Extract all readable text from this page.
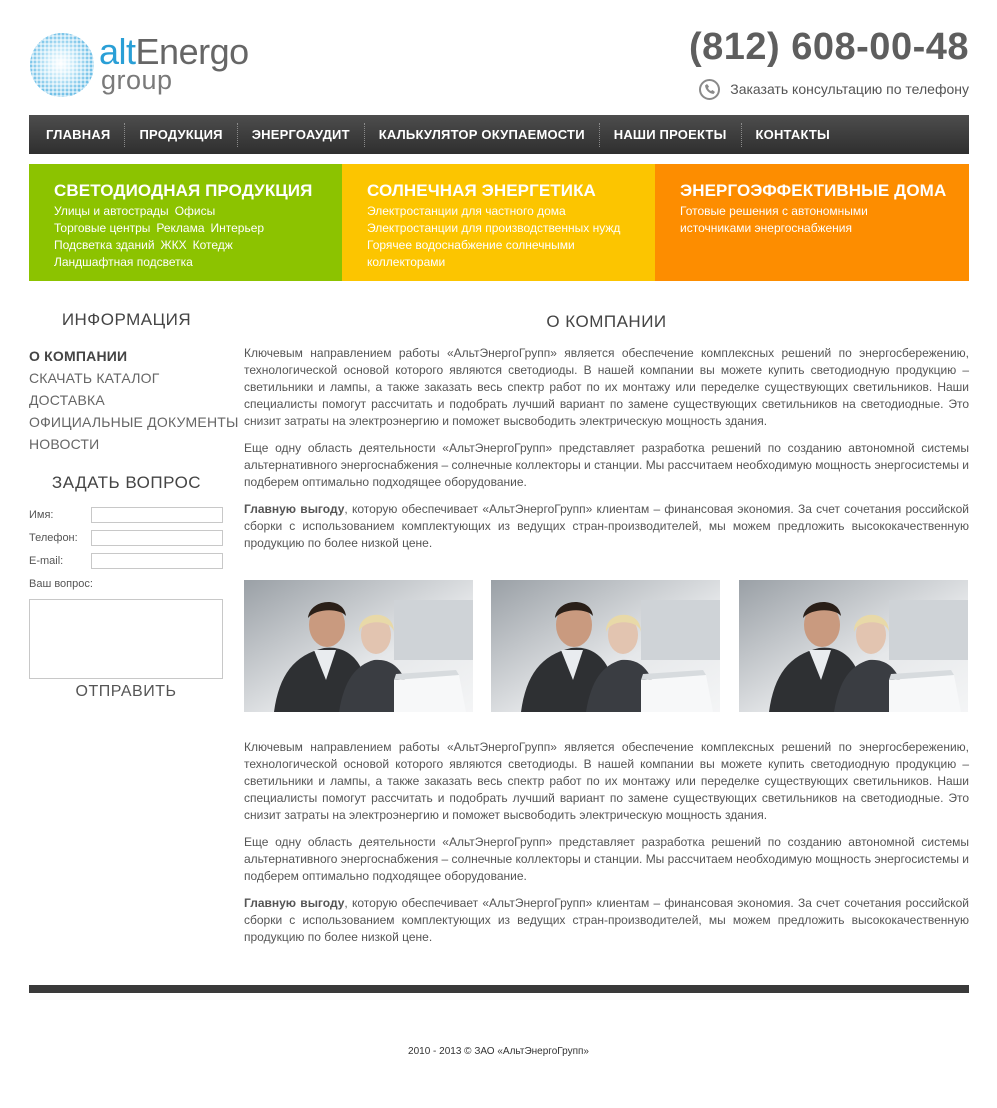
altEnergo
group
(812) 608-00-48
Заказать консультацию по телефону
ГЛАВНАЯ	ПРОДУКЦИЯ	ЭНЕРГОАУДИТ	КАЛЬКУЛЯТОР ОКУПАЕМОСТИ	НАШИ ПРОЕКТЫ	КОНТАКТЫ
СВЕТОДИОДНАЯ ПРОДУКЦИЯ
Улицы и автострады Офисы
Торговые центры Реклама Интерьер
Подсветка зданий ЖКХ Котедж
Ландшафтная подсветка
СОЛНЕЧНАЯ ЭНЕРГЕТИКА
Электростанции для частного дома
Электростанции для производственных нужд
Горячее водоснабжение солнечными
коллекторами
ЭНЕРГОЭФФЕКТИВНЫЕ ДОМА
Готовые решения с автономными
источниками энергоснабжения
ИНФОРМАЦИЯ
О КОМПАНИИ
СКАЧАТЬ КАТАЛОГ
ДОСТАВКА
ОФИЦИАЛЬНЫЕ ДОКУМЕНТЫ
НОВОСТИ
ЗАДАТЬ ВОПРОС
Имя:
Телефон:
E-mail:
Ваш вопрос:
ОТПРАВИТЬ
О КОМПАНИИ
Ключевым направлением работы «АльтЭнергоГрупп» является обеспечение комплексных решений по энергосбережению, технологической основой которого являются светодиоды. В нашей компании вы можете купить светодиодную продукцию – светильники и лампы, а также заказать весь спектр работ по их монтажу или переделке существующих светильников. Наши специалисты помогут рассчитать и подобрать лучший вариант по замене существующих светильников на светодиодные. Это снизит затраты на электроэнергию и поможет высвободить электрическую мощность здания.
Еще одну область деятельности «АльтЭнергоГрупп» представляет разработка решений по созданию автономной системы альтернативного энергоснабжения – солнечные коллекторы и станции. Мы рассчитаем необходимую мощность энергосистемы и подберем оптимально подходящее оборудование.
Главную выгоду, которую обеспечивает «АльтЭнергоГрупп» клиентам – финансовая экономия. За счет сочетания российской сборки с использованием комплектующих из ведущих стран-производителей, мы можем предложить высококачественную продукцию по более низкой цене.
Ключевым направлением работы «АльтЭнергоГрупп» является обеспечение комплексных решений по энергосбережению, технологической основой которого являются светодиоды. В нашей компании вы можете купить светодиодную продукцию – светильники и лампы, а также заказать весь спектр работ по их монтажу или переделке существующих светильников. Наши специалисты помогут рассчитать и подобрать лучший вариант по замене существующих светильников на светодиодные. Это снизит затраты на электроэнергию и поможет высвободить электрическую мощность здания.
Еще одну область деятельности «АльтЭнергоГрупп» представляет разработка решений по созданию автономной системы альтернативного энергоснабжения – солнечные коллекторы и станции. Мы рассчитаем необходимую мощность энергосистемы и подберем оптимально подходящее оборудование.
Главную выгоду, которую обеспечивает «АльтЭнергоГрупп» клиентам – финансовая экономия. За счет сочетания российской сборки с использованием комплектующих из ведущих стран-производителей, мы можем предложить высококачественную продукцию по более низкой цене.
2010 - 2013 © ЗАО «АльтЭнергоГрупп»
